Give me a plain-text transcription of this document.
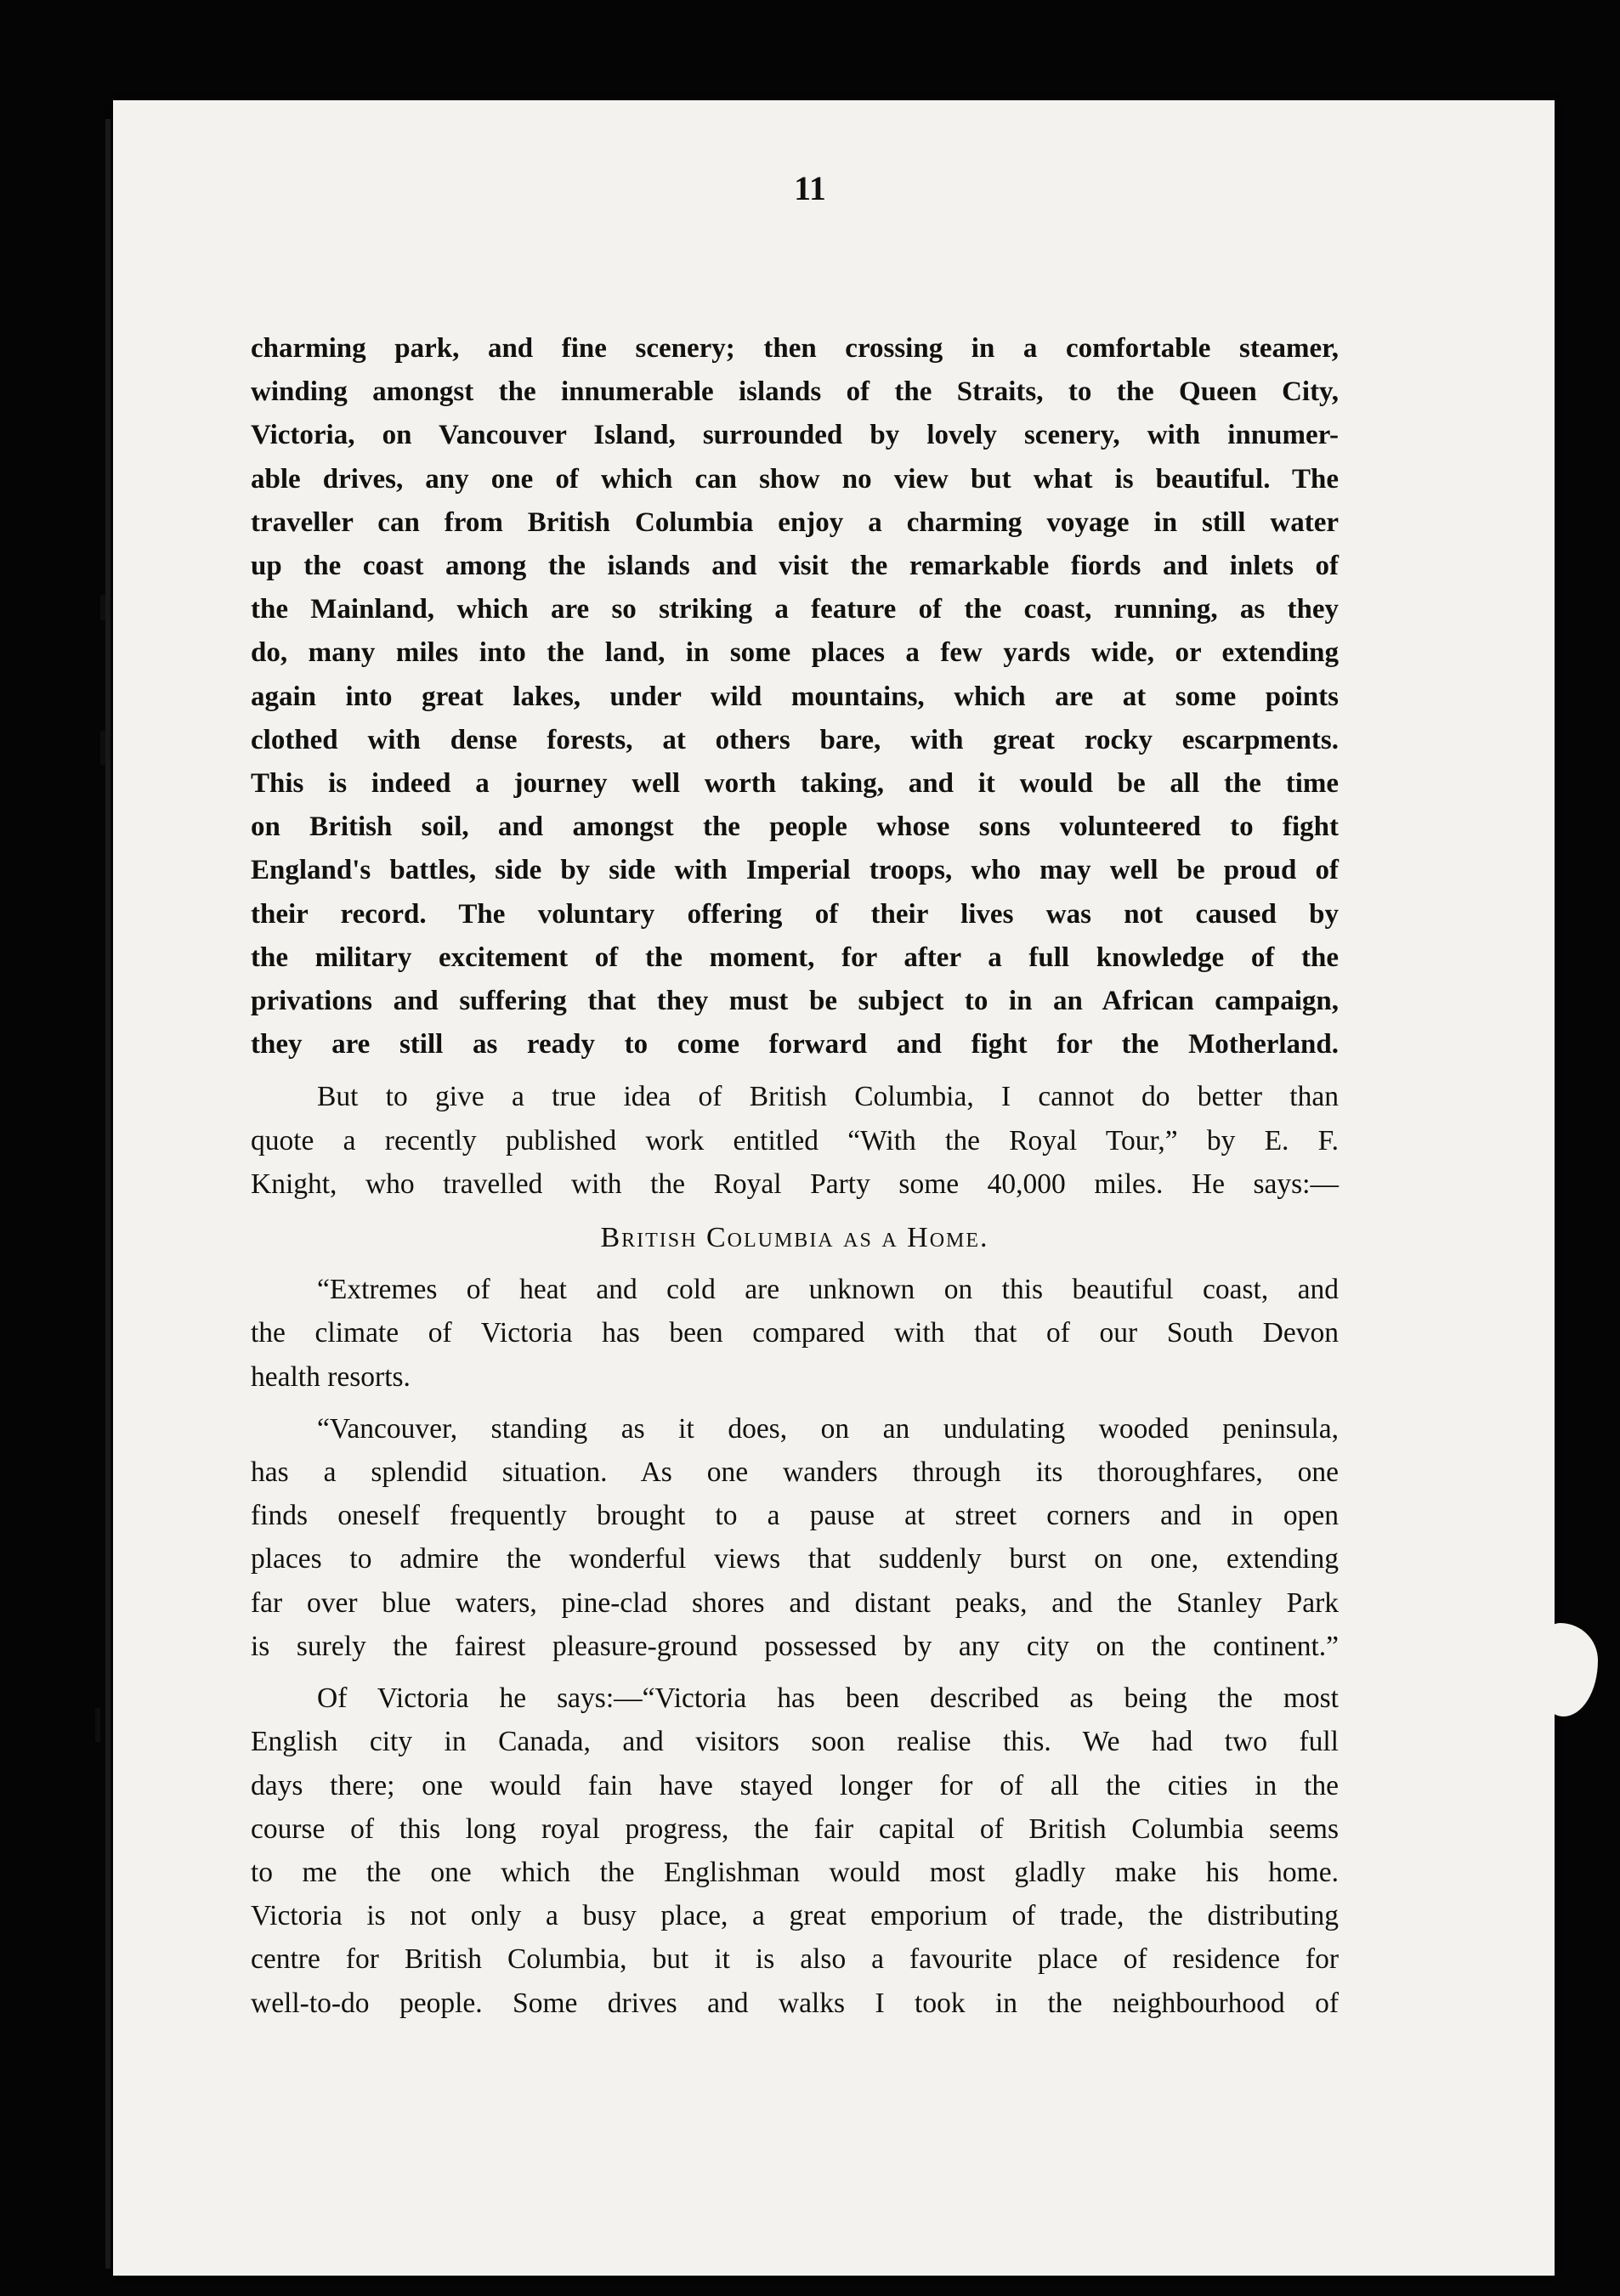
11
charming park, and fine scenery; then crossing in a comfortable steamer,
winding amongst the innumerable islands of the Straits, to the Queen City,
Victoria, on Vancouver Island, surrounded by lovely scenery, with innumer-
able drives, any one of which can show no view but what is beautiful. The
traveller can from British Columbia enjoy a charming voyage in still water
up the coast among the islands and visit the remarkable fiords and inlets of
the Mainland, which are so striking a feature of the coast, running, as they
do, many miles into the land, in some places a few yards wide, or extending
again into great lakes, under wild mountains, which are at some points
clothed with dense forests, at others bare, with great rocky escarpments.
This is indeed a journey well worth taking, and it would be all the time
on British soil, and amongst the people whose sons volunteered to fight
England's battles, side by side with Imperial troops, who may well be proud of
their record. The voluntary offering of their lives was not caused by
the military excitement of the moment, for after a full knowledge of the
privations and suffering that they must be subject to in an African campaign,
they are still as ready to come forward and fight for the Motherland.
But to give a true idea of British Columbia, I cannot do better than
quote a recently published work entitled “With the Royal Tour,” by E. F.
Knight, who travelled with the Royal Party some 40,000 miles. He says:—
British Columbia as a Home.
“Extremes of heat and cold are unknown on this beautiful coast, and
the climate of Victoria has been compared with that of our South Devon
health resorts.
“Vancouver, standing as it does, on an undulating wooded peninsula,
has a splendid situation. As one wanders through its thoroughfares, one
finds oneself frequently brought to a pause at street corners and in open
places to admire the wonderful views that suddenly burst on one, extending
far over blue waters, pine-clad shores and distant peaks, and the Stanley Park
is surely the fairest pleasure-ground possessed by any city on the continent.”
Of Victoria he says:—“Victoria has been described as being the most
English city in Canada, and visitors soon realise this. We had two full
days there; one would fain have stayed longer for of all the cities in the
course of this long royal progress, the fair capital of British Columbia seems
to me the one which the Englishman would most gladly make his home.
Victoria is not only a busy place, a great emporium of trade, the distributing
centre for British Columbia, but it is also a favourite place of residence for
well-to-do people. Some drives and walks I took in the neighbourhood of
